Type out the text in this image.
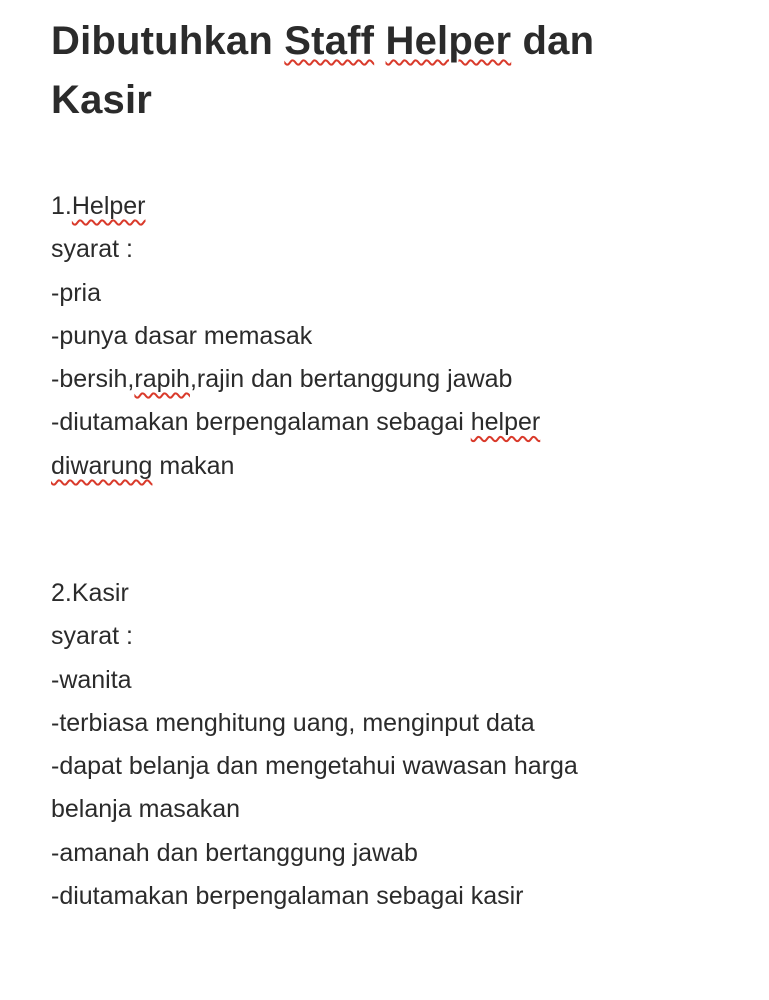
Dibutuhkan Staff Helper dan
Kasir
1.Helper
syarat :
-pria
-punya dasar memasak
-bersih,rapih,rajin dan bertanggung jawab
-diutamakan berpengalaman sebagai helper
diwarung makan
2.Kasir
syarat :
-wanita
-terbiasa menghitung uang, menginput data
-dapat belanja dan mengetahui wawasan harga
belanja masakan
-amanah dan bertanggung jawab
-diutamakan berpengalaman sebagai kasir
